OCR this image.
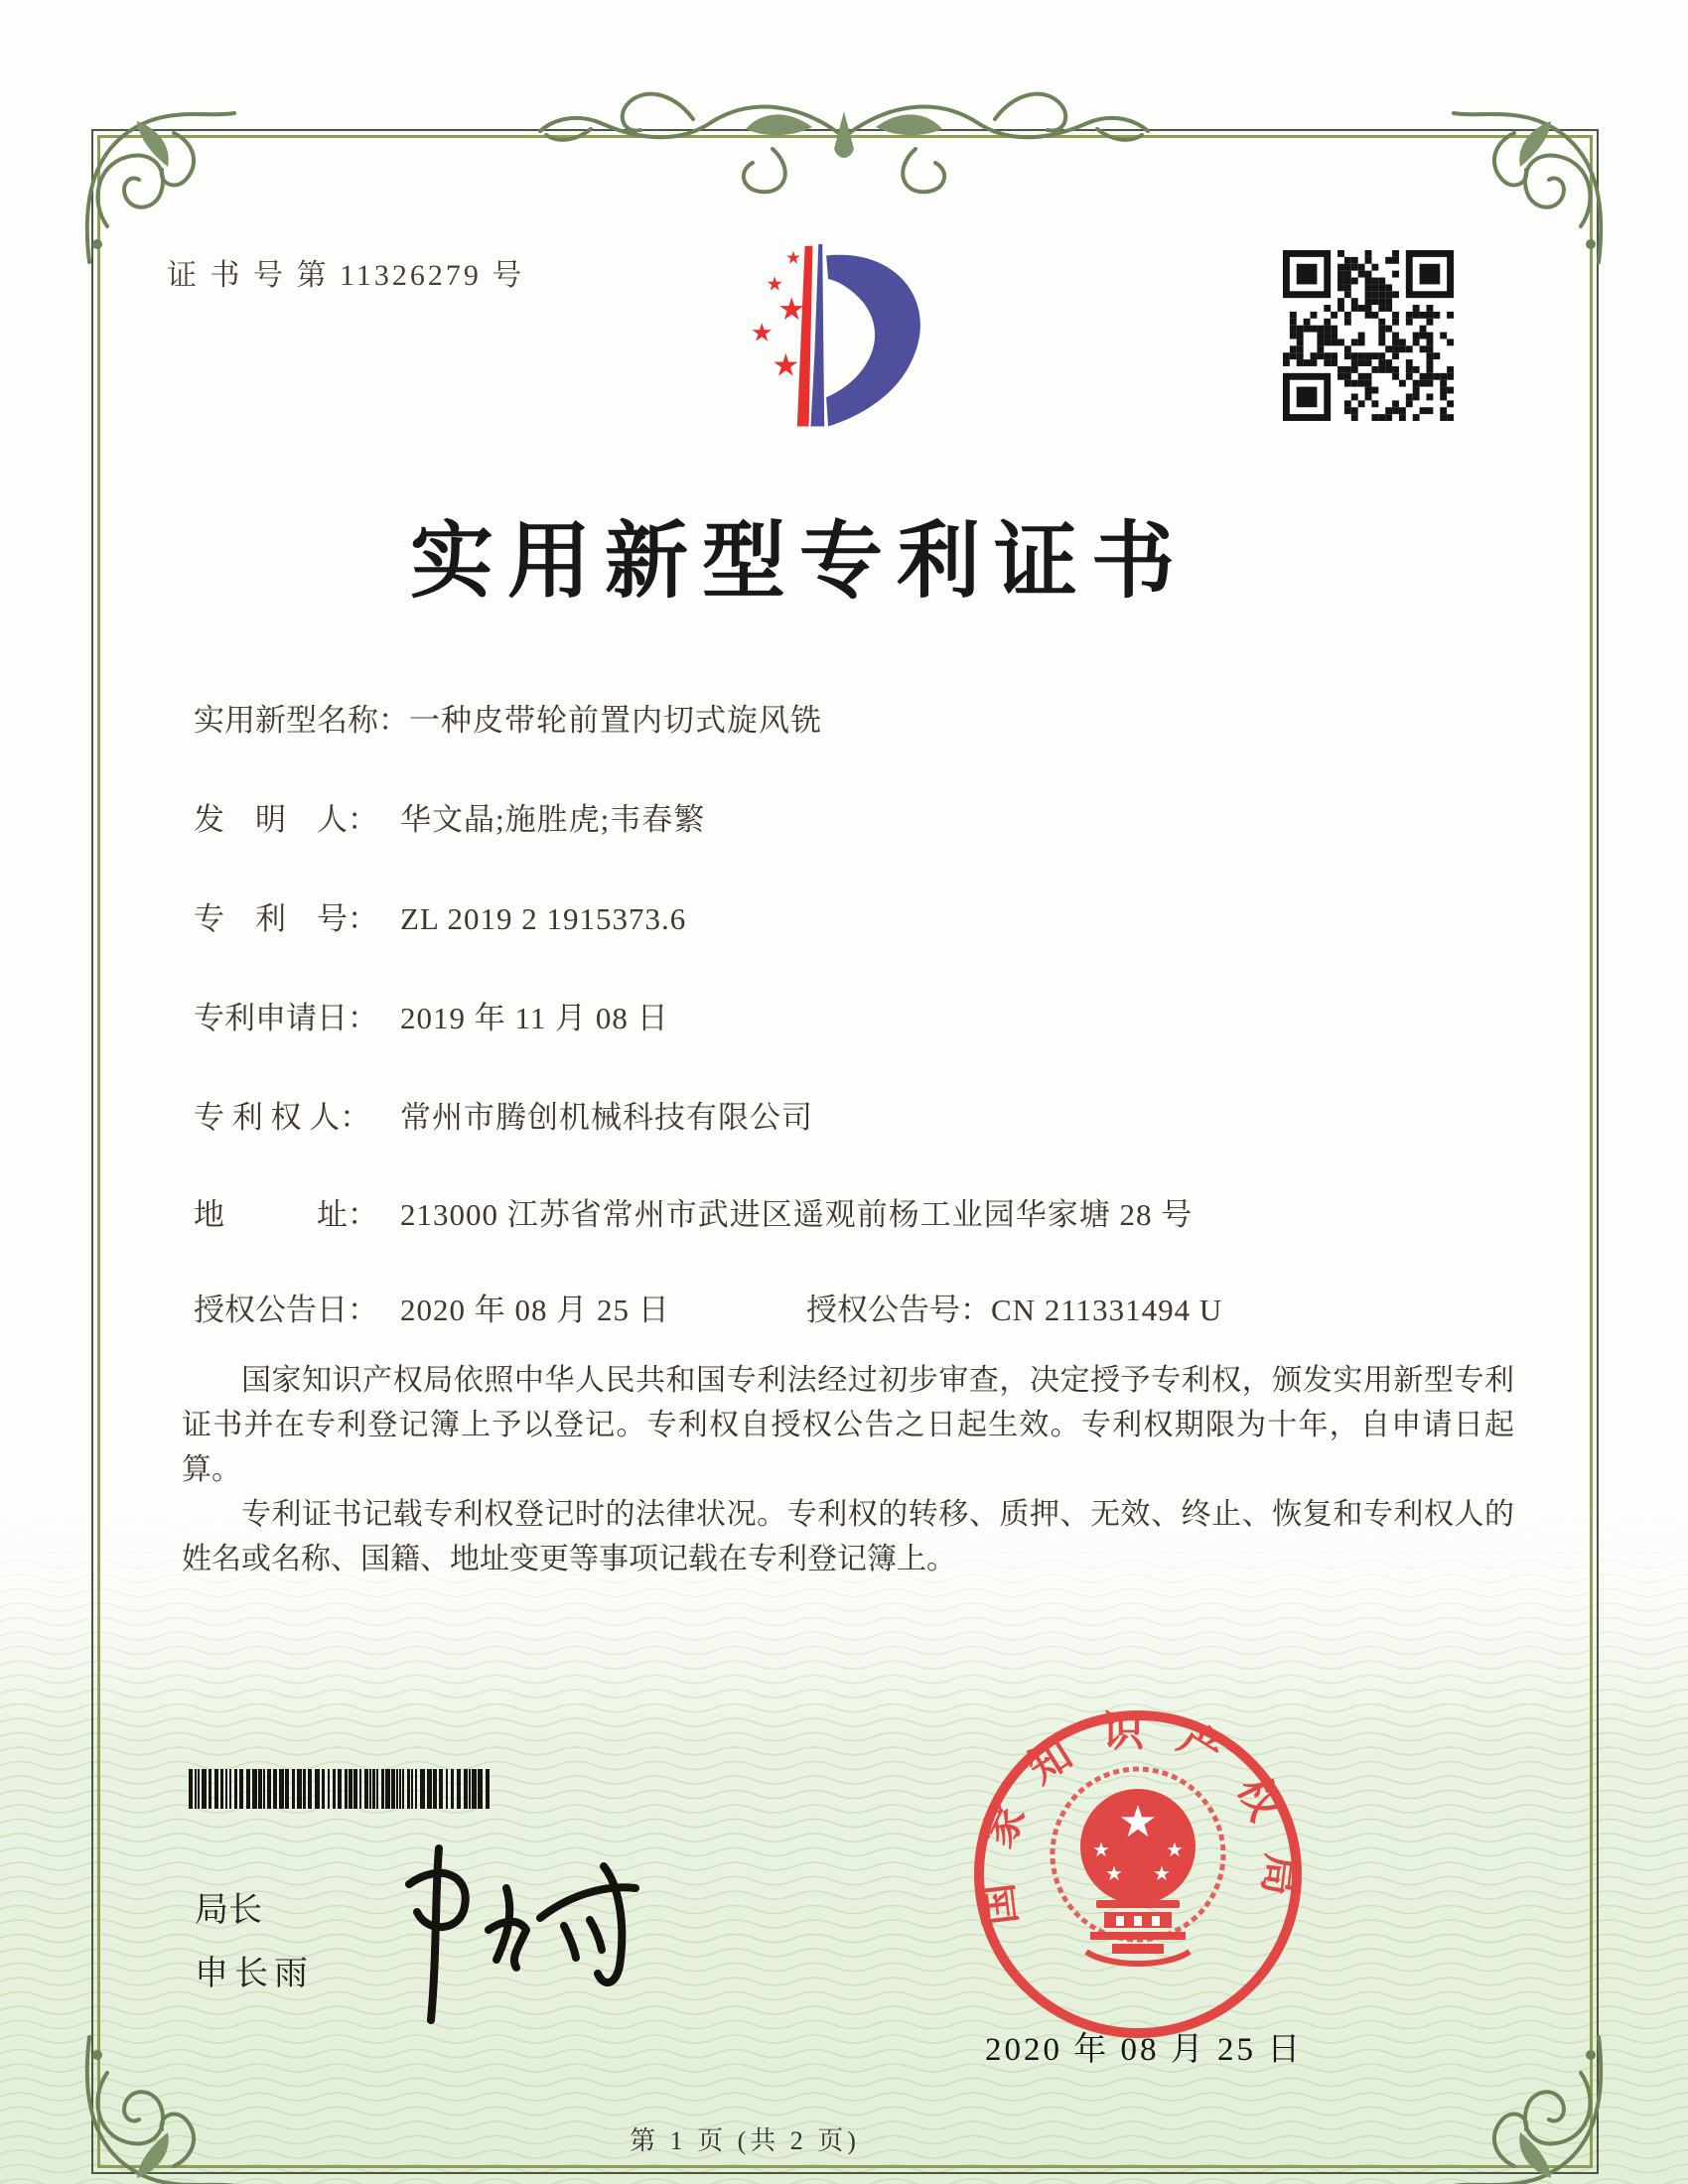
证 书 号 第 11326279 号
★
★
★
★
★
实用新型专利证书
实用新型名称：一种皮带轮前置内切式旋风铣
发　明　人： 华文晶;施胜虎;韦春繁
专　利　号： ZL 2019 2 1915373.6
专利申请日： 2019 年 11 月 08 日
专 利 权 人： 常州市腾创机械科技有限公司
地　　　址： 213000 江苏省常州市武进区遥观前杨工业园华家塘 28 号
授权公告日： 2020 年 08 月 25 日	授权公告号：CN 211331494 U

国家知识产权局依照中华人民共和国专利法经过初步审查，决定授予专利权，颁发实用新型专利证书并在专利登记簿上予以登记。专利权自授权公告之日起生效。专利权期限为十年，自申请日起算。

专利证书记载专利权登记时的法律状况。专利权的转移、质押、无效、终止、恢复和专利权人的姓名或名称、国籍、地址变更等事项记载在专利登记簿上。

局长
申长雨
国家知识产权局
★
★	★
★ ★
2020 年 08 月 25 日
第 1 页 (共 2 页)
